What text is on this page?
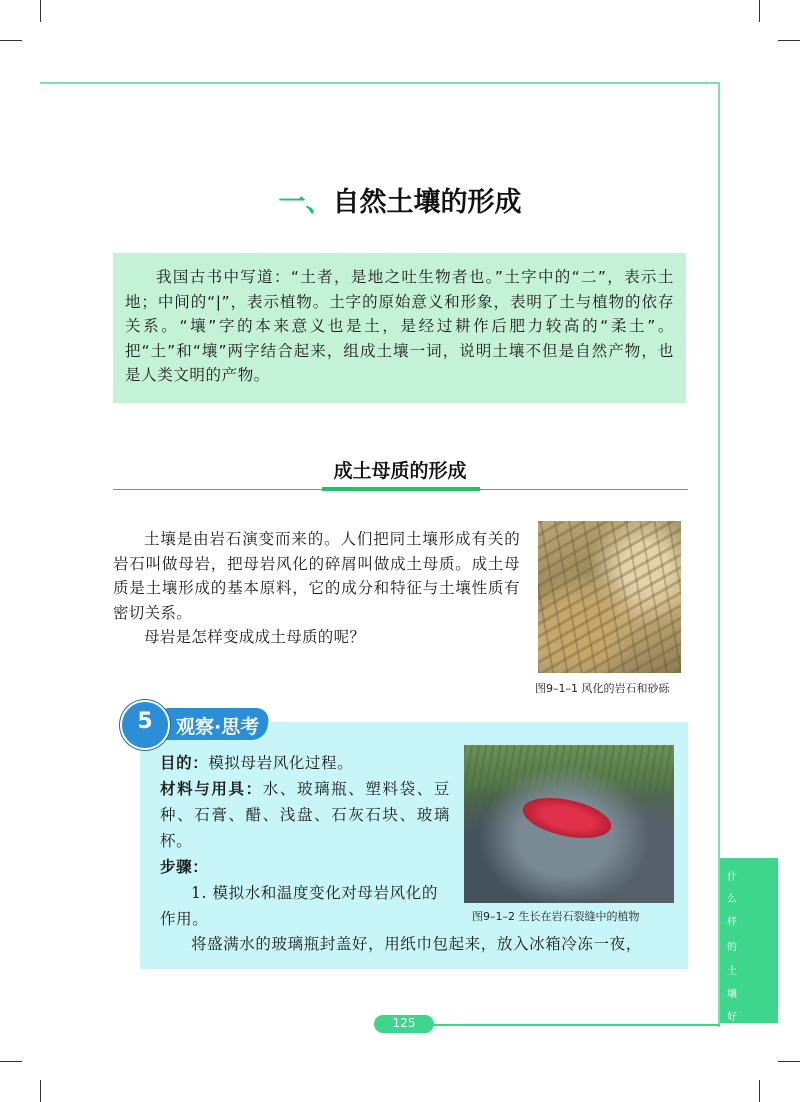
一、自然土壤的形成

我国古书中写道：“土者，是地之吐生物者也。”土字中的“二”，表示土地；中间的“|”，表示植物。土字的原始意义和形象，表明了土与植物的依存关系。“壤”字的本来意义也是土，是经过耕作后肥力较高的“柔土”。把“土”和“壤”两字结合起来，组成土壤一词，说明土壤不但是自然产物，也是人类文明的产物。

成土母质的形成

土壤是由岩石演变而来的。人们把同土壤形成有关的岩石叫做母岩，把母岩风化的碎屑叫做成土母质。成土母质是土壤形成的基本原料，它的成分和特征与土壤性质有密切关系。

母岩是怎样变成成土母质的呢？

图9–1–1 风化的岩石和砂砾
5	观察·思考

目的：模拟母岩风化过程。

材料与用具：水、玻璃瓶、塑料袋、豆种、石膏、醋、浅盘、石灰石块、玻璃杯。

步骤：

1. 模拟水和温度变化对母岩风化的作用。

将盛满水的玻璃瓶封盖好，用纸巾包起来，放入冰箱冷冻一夜，

图9–1–2 生长在岩石裂缝中的植物
什
么
样
的
土
壤
好
125
